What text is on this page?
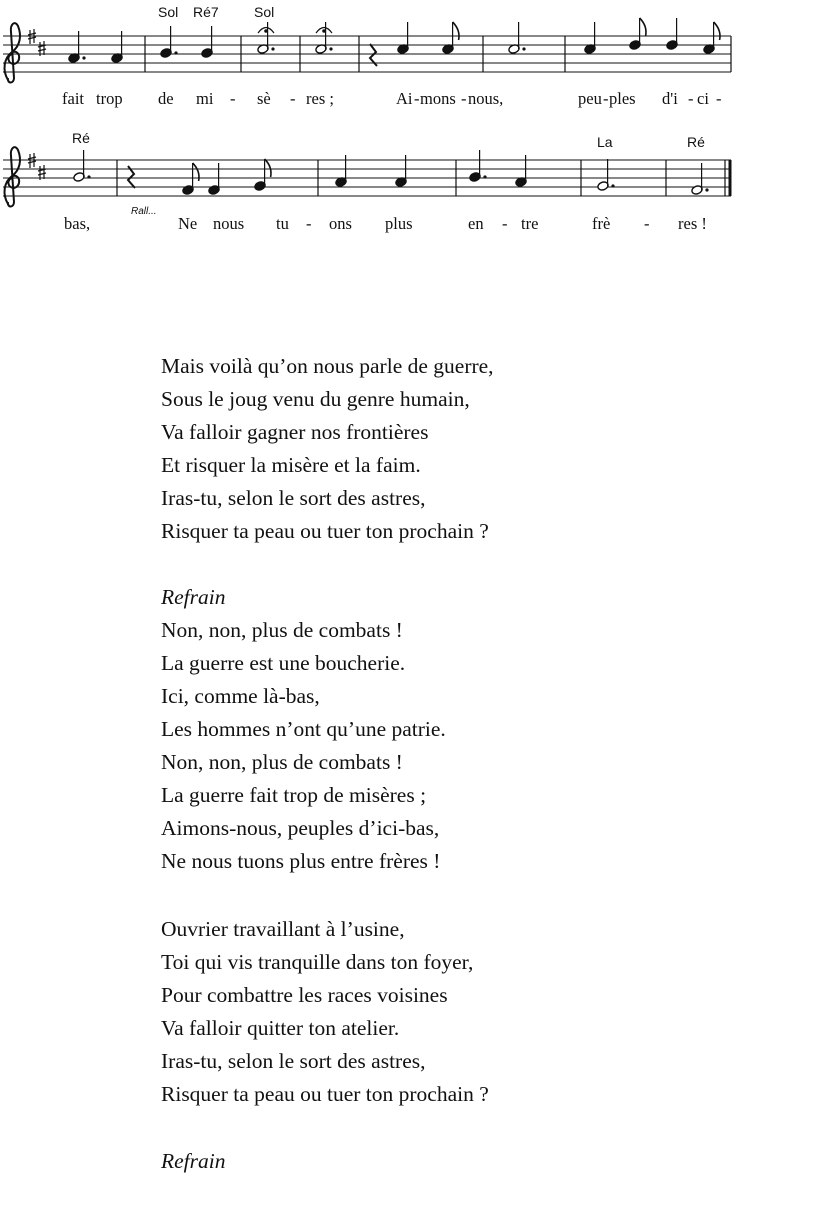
Sol Ré7	Sol
fait trop de mi - sè - res ;	Ai - mons - nous,	peu - ples d'i - ci -
Ré	La	Ré
Rall...
bas,	Ne nous tu - ons plus	en - tre	frè - res !
Mais voilà qu’on nous parle de guerre,
Sous le joug venu du genre humain,
Va falloir gagner nos frontières
Et risquer la misère et la faim.
Iras-tu, selon le sort des astres,
Risquer ta peau ou tuer ton prochain ?
Refrain
Non, non, plus de combats !
La guerre est une boucherie.
Ici, comme là-bas,
Les hommes n’ont qu’une patrie.
Non, non, plus de combats !
La guerre fait trop de misères ;
Aimons-nous, peuples d’ici-bas,
Ne nous tuons plus entre frères !
Ouvrier travaillant à l’usine,
Toi qui vis tranquille dans ton foyer,
Pour combattre les races voisines
Va falloir quitter ton atelier.
Iras-tu, selon le sort des astres,
Risquer ta peau ou tuer ton prochain ?
Refrain
